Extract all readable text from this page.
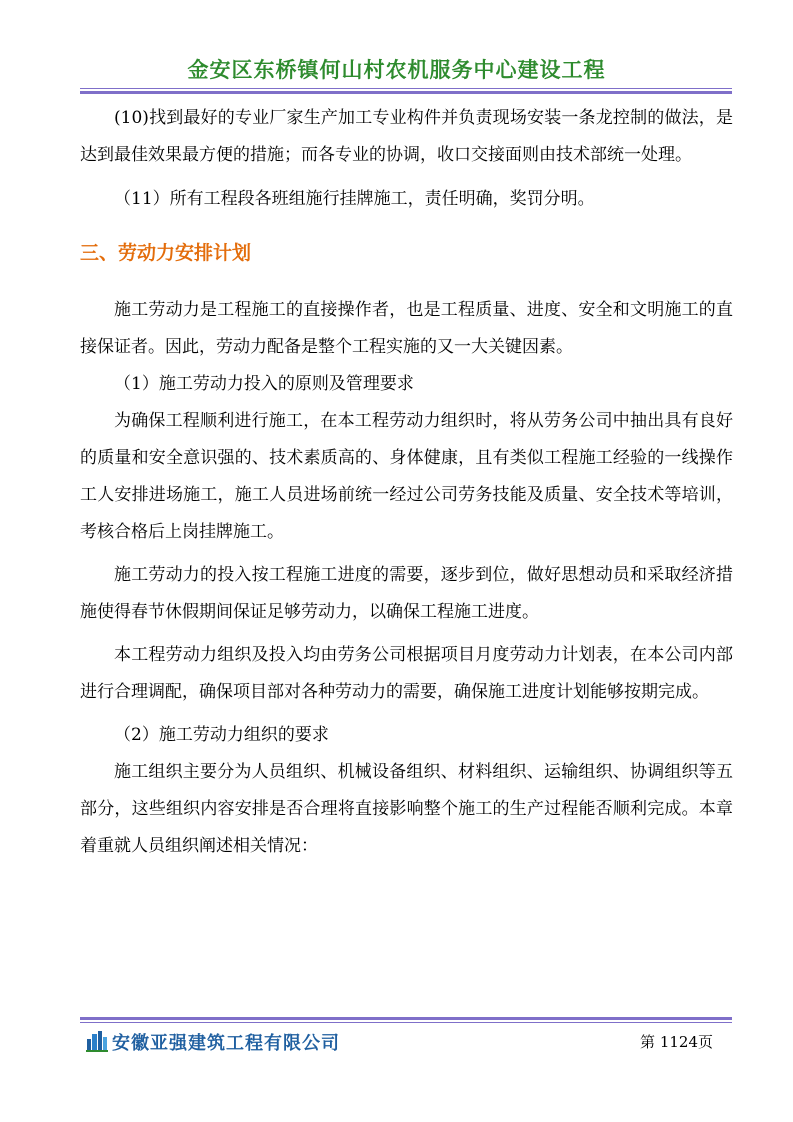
金安区东桥镇何山村农机服务中心建设工程

(10)找到最好的专业厂家生产加工专业构件并负责现场安装一条龙控制的做法，是达到最佳效果最方便的措施；而各专业的协调，收口交接面则由技术部统一处理。

（11）所有工程段各班组施行挂牌施工，责任明确，奖罚分明。

三、劳动力安排计划

施工劳动力是工程施工的直接操作者，也是工程质量、进度、安全和文明施工的直接保证者。因此，劳动力配备是整个工程实施的又一大关键因素。

（1）施工劳动力投入的原则及管理要求

为确保工程顺利进行施工，在本工程劳动力组织时，将从劳务公司中抽出具有良好的质量和安全意识强的、技术素质高的、身体健康，且有类似工程施工经验的一线操作工人安排进场施工，施工人员进场前统一经过公司劳务技能及质量、安全技术等培训，考核合格后上岗挂牌施工。

施工劳动力的投入按工程施工进度的需要，逐步到位，做好思想动员和采取经济措施使得春节休假期间保证足够劳动力，以确保工程施工进度。

本工程劳动力组织及投入均由劳务公司根据项目月度劳动力计划表，在本公司内部进行合理调配，确保项目部对各种劳动力的需要，确保施工进度计划能够按期完成。

（2）施工劳动力组织的要求

施工组织主要分为人员组织、机械设备组织、材料组织、运输组织、协调组织等五部分，这些组织内容安排是否合理将直接影响整个施工的生产过程能否顺利完成。本章着重就人员组织阐述相关情况：

安徽亚强建筑工程有限公司	第 1124页
